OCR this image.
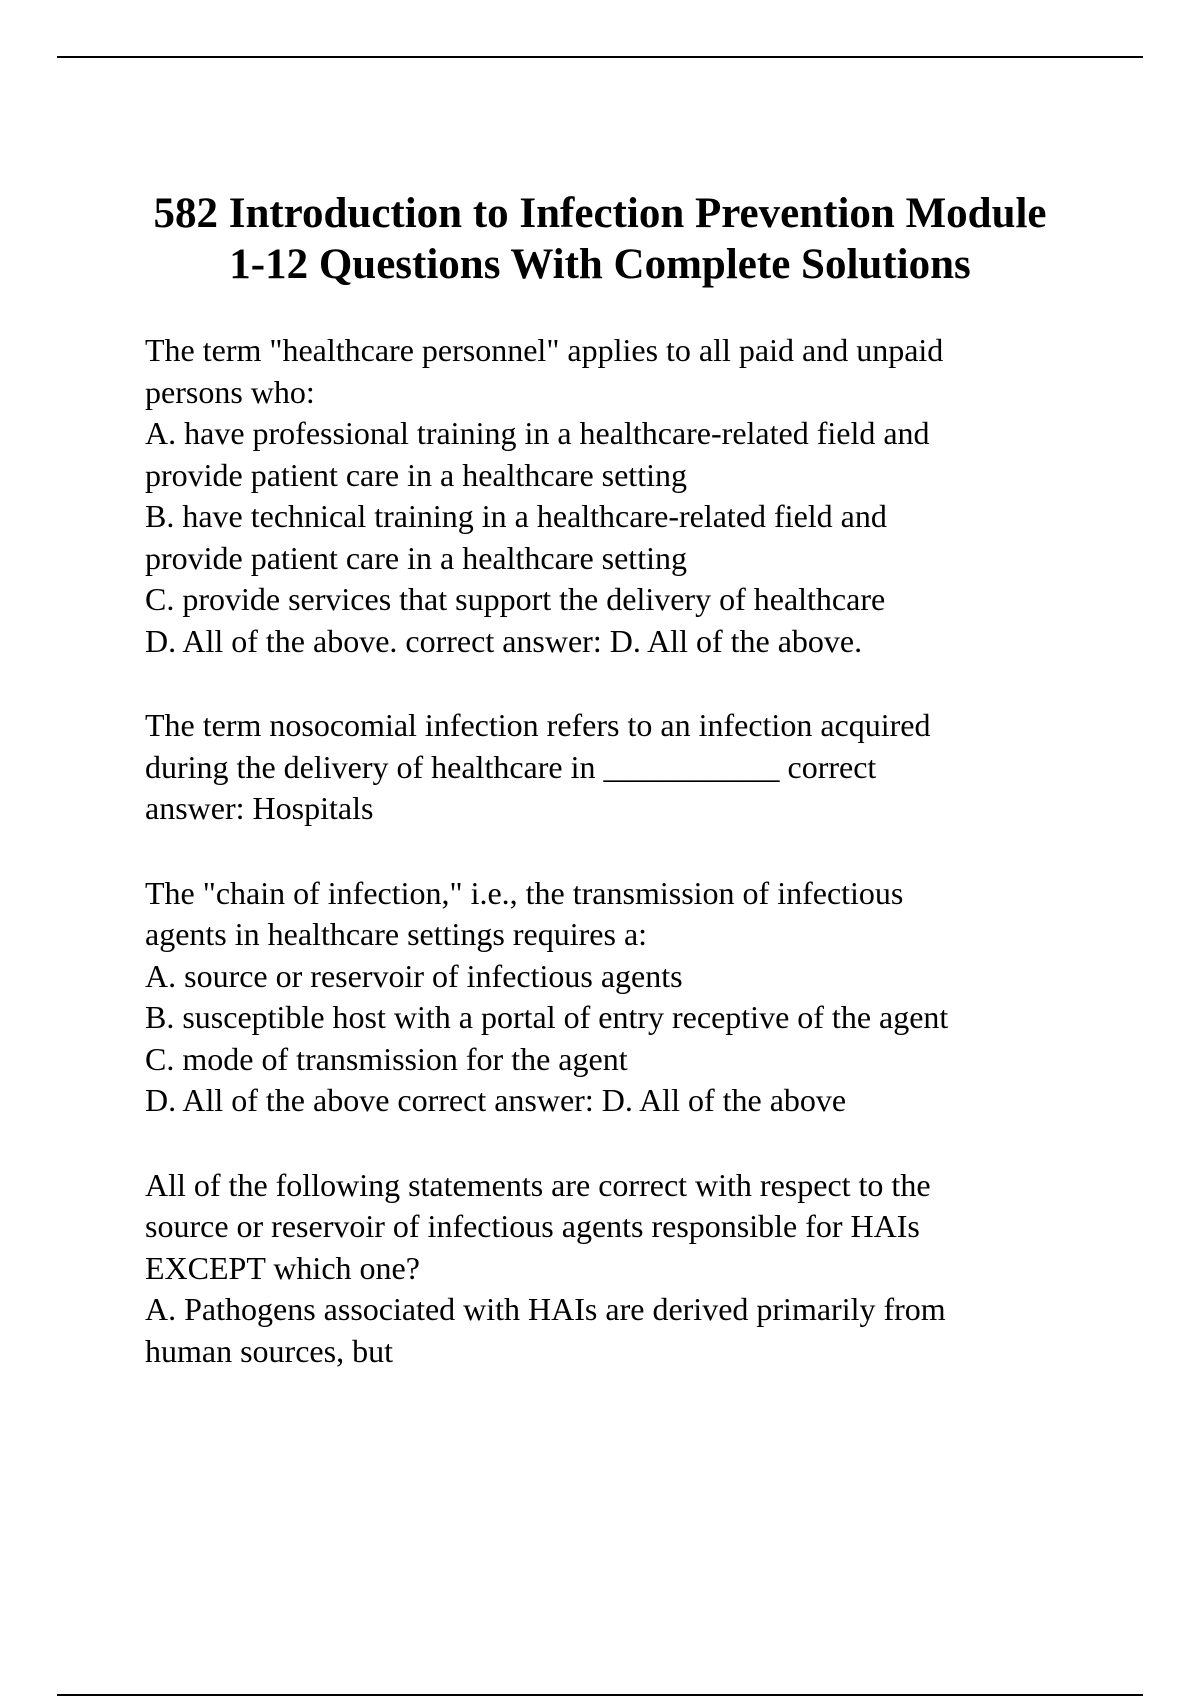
582 Introduction to Infection Prevention Module
1-12 Questions With Complete Solutions
The term "healthcare personnel" applies to all paid and unpaid
persons who:
A. have professional training in a healthcare-related field and
provide patient care in a healthcare setting
B. have technical training in a healthcare-related field and
provide patient care in a healthcare setting
C. provide services that support the delivery of healthcare
D. All of the above. correct answer: D. All of the above.
The term nosocomial infection refers to an infection acquired
during the delivery of healthcare in ___________ correct
answer: Hospitals
The "chain of infection," i.e., the transmission of infectious
agents in healthcare settings requires a:
A. source or reservoir of infectious agents
B. susceptible host with a portal of entry receptive of the agent
C. mode of transmission for the agent
D. All of the above correct answer: D. All of the above
All of the following statements are correct with respect to the
source or reservoir of infectious agents responsible for HAIs
EXCEPT which one?
A. Pathogens associated with HAIs are derived primarily from
human sources, but
